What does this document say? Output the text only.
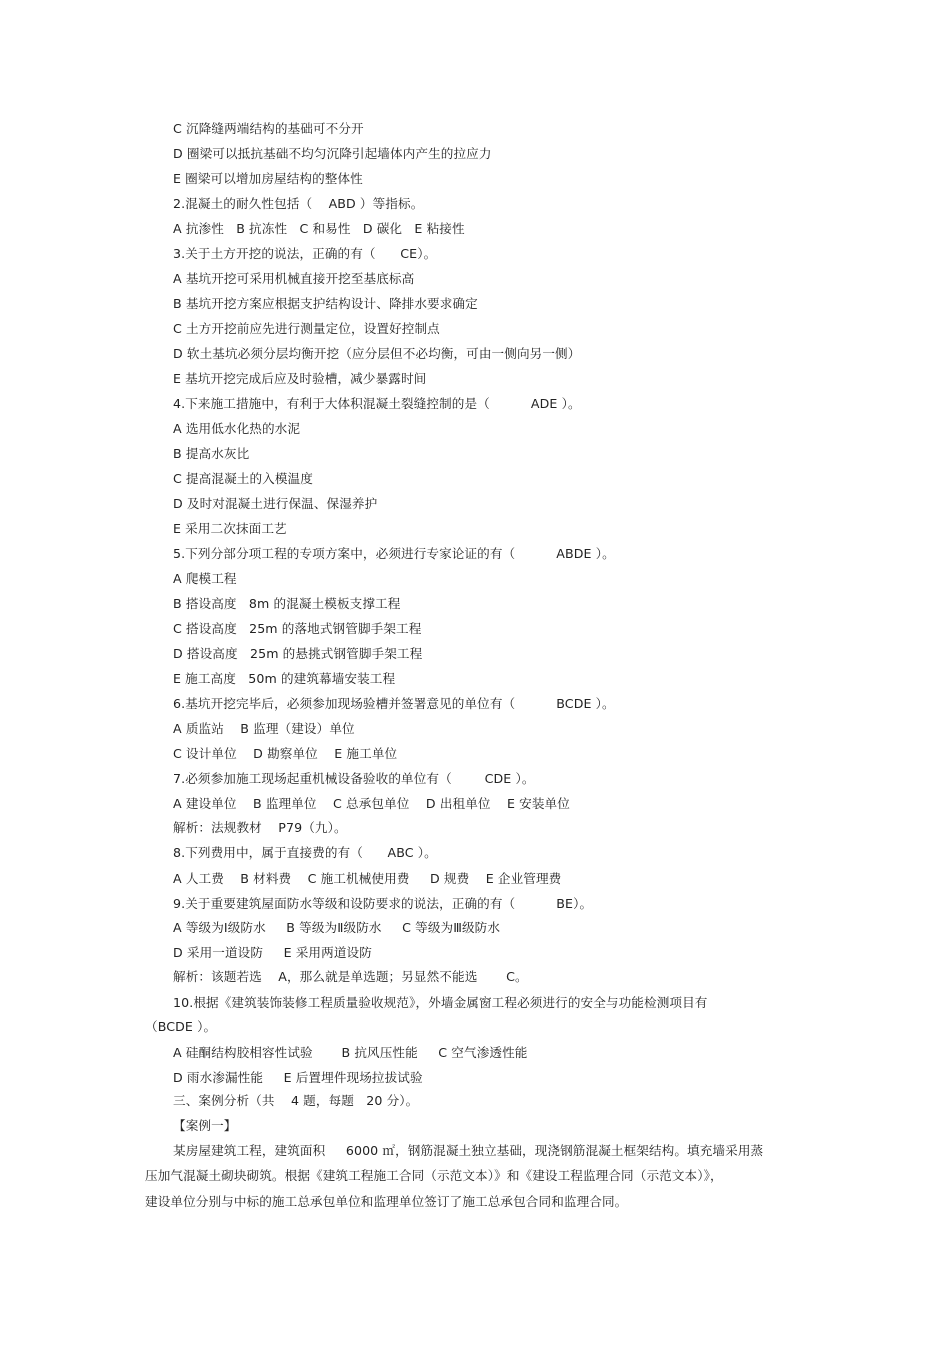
C 沉降缝两端结构的基础可不分开

D 圈梁可以抵抗基础不均匀沉降引起墙体内产生的拉应力

E 圈梁可以增加房屋结构的整体性

2.混凝土的耐久性包括（    ABD ）等指标。

A 抗渗性   B 抗冻性   C 和易性   D 碳化   E 粘接性

3.关于土方开挖的说法，正确的有（      CE）。

A 基坑开挖可采用机械直接开挖至基底标高

B 基坑开挖方案应根据支护结构设计、降排水要求确定

C 土方开挖前应先进行测量定位，设置好控制点

D 软土基坑必须分层均衡开挖（应分层但不必均衡，可由一侧向另一侧）

E 基坑开挖完成后应及时验槽，减少暴露时间

4.下来施工措施中，有利于大体积混凝土裂缝控制的是（          ADE ）。

A 选用低水化热的水泥

B 提高水灰比

C 提高混凝土的入模温度

D 及时对混凝土进行保温、保湿养护

E 采用二次抹面工艺

5.下列分部分项工程的专项方案中，必须进行专家论证的有（          ABDE ）。

A 爬模工程

B 搭设高度   8m 的混凝土模板支撑工程

C 搭设高度   25m 的落地式钢管脚手架工程

D 搭设高度   25m 的悬挑式钢管脚手架工程

E 施工高度   50m 的建筑幕墙安装工程

6.基坑开挖完毕后，必须参加现场验槽并签署意见的单位有（          BCDE ）。

A 质监站    B 监理（建设）单位

C 设计单位    D 勘察单位    E 施工单位

7.必须参加施工现场起重机械设备验收的单位有（        CDE ）。

A 建设单位    B 监理单位    C 总承包单位    D 出租单位    E 安装单位

解析：法规教材    P79（九）。

8.下列费用中，属于直接费的有（      ABC ）。

A 人工费    B 材料费    C 施工机械使用费     D 规费    E 企业管理费

9.关于重要建筑屋面防水等级和设防要求的说法，正确的有（          BE）。

A 等级为Ⅰ级防水     B 等级为Ⅱ级防水     C 等级为Ⅲ级防水

D 采用一道设防     E 采用两道设防

解析：该题若选    A，那么就是单选题；另显然不能选       C。

10.根据《建筑装饰装修工程质量验收规范》，外墙金属窗工程必须进行的安全与功能检测项目有

（BCDE ）。

A 硅酮结构胶相容性试验       B 抗风压性能     C 空气渗透性能

D 雨水渗漏性能     E 后置埋件现场拉拔试验

三、案例分析（共    4 题，每题   20 分）。

【案例一】

某房屋建筑工程，建筑面积     6000 ㎡，钢筋混凝土独立基础，现浇钢筋混凝土框架结构。填充墙采用蒸

压加气混凝土砌块砌筑。根据《建筑工程施工合同（示范文本）》和《建设工程监理合同（示范文本）》，

建设单位分别与中标的施工总承包单位和监理单位签订了施工总承包合同和监理合同。
